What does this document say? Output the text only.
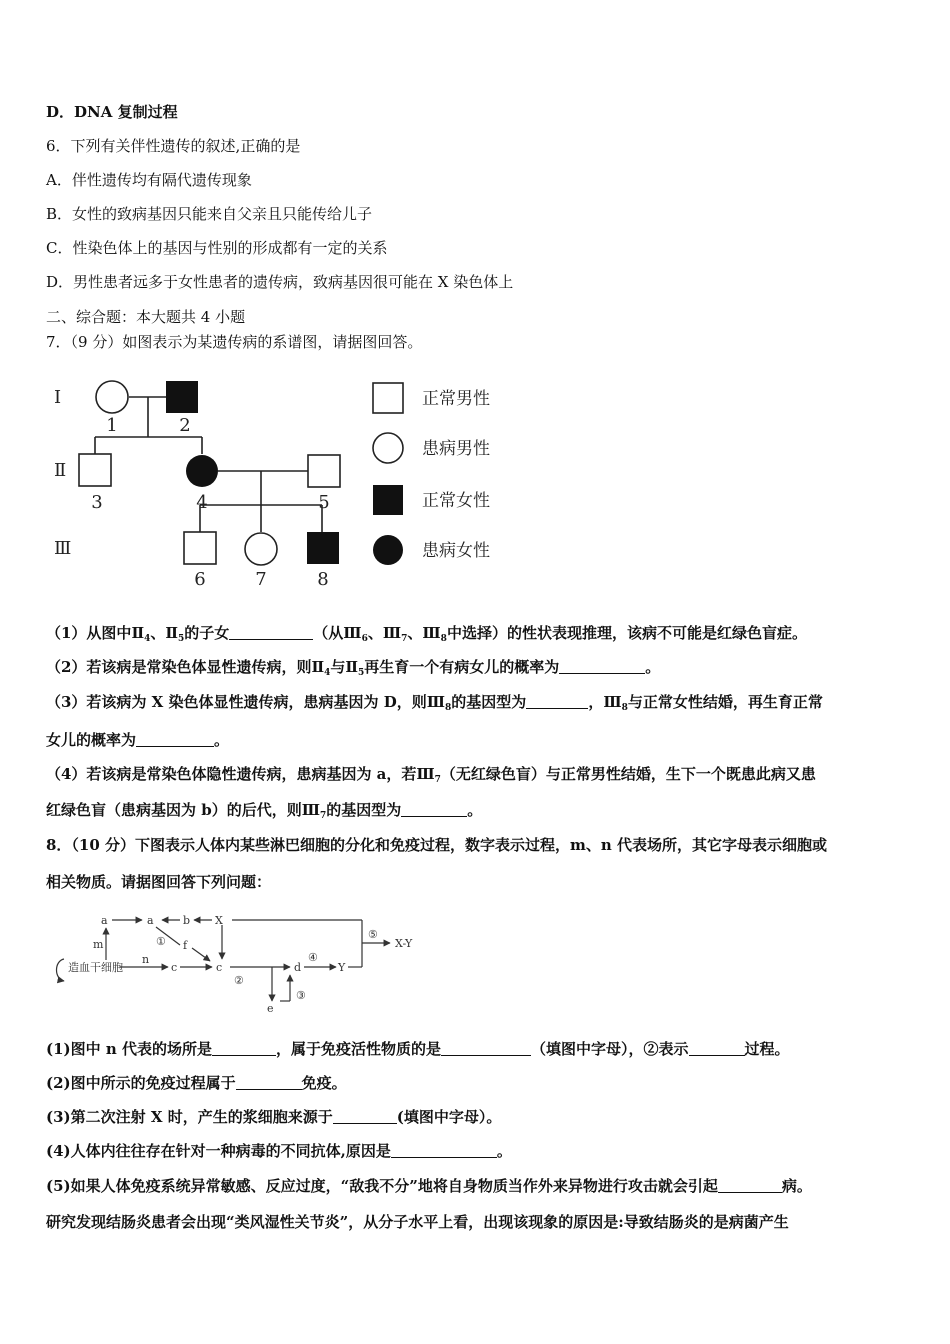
D．DNA 复制过程
6．下列有关伴性遗传的叙述,正确的是
A．伴性遗传均有隔代遗传现象
B．女性的致病基因只能来自父亲且只能传给儿子
C．性染色体上的基因与性别的形成都有一定的关系
D．男性患者远多于女性患者的遗传病，致病基因很可能在 X 染色体上
二、综合题：本大题共 4 小题
7．（9 分）如图表示为某遗传病的系谱图，请据图回答。
Ⅰ
Ⅱ
Ⅲ
1	2
3	4	5
6	7	8
正常男性
患病男性
正常女性
患病女性
（1）从图中$Ⅱ_4$、$Ⅱ_5$的子女	（从$Ⅲ_6$、$Ⅲ_7$、$Ⅲ_8$中选择）的性状表现推理，该病不可能是红绿色盲症。
（2）若该病是常染色体显性遗传病，则$Ⅱ_4$与$Ⅱ_5$再生育一个有病女儿的概率为	。
（3）若该病为 X 染色体显性遗传病，患病基因为 D，则$Ⅲ_8$的基因型为	，$Ⅲ_8$与正常女性结婚，再生育正常
女儿的概率为	。
（4）若该病是常染色体隐性遗传病，患病基因为 a，若$Ⅲ_7$（无红绿色盲）与正常男性结婚，生下一个既患此病又患
红绿色盲（患病基因为 b）的后代，则$Ⅲ_7$的基因型为	。
8．（10 分）下图表示人体内某些淋巴细胞的分化和免疫过程，数字表示过程，m、n 代表场所，其它字母表示细胞或
相关物质。请据图回答下列问题：
a	a	b X
m
n
f
c	c	d
e
Y
X-Y
造血干细胞
①
②
③
④
⑤
(1)图中 n 代表的场所是	，属于免疫活性物质的是	（填图中字母），②表示	过程。
(2)图中所示的免疫过程属于	免疫。
(3)第二次注射 X 时，产生的浆细胞来源于	(填图中字母）。
(4)人体内往往存在针对一种病毒的不同抗体,原因是	。
(5)如果人体免疫系统异常敏感、反应过度，“敌我不分”地将自身物质当作外来异物进行攻击就会引起	病。
研究发现结肠炎患者会出现“类风湿性关节炎”，从分子水平上看，出现该现象的原因是:导致结肠炎的是病菌产生
